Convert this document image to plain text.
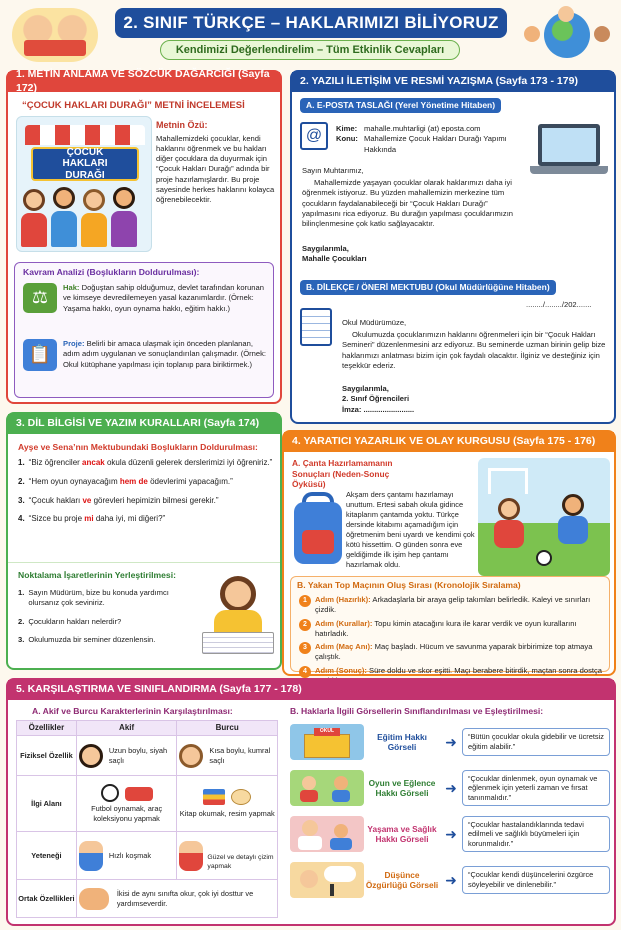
2. SINIF TÜRKÇE – HAKLARIMIZI BİLİYORUZ
Kendimizi Değerlendirelim – Tüm Etkinlik Cevapları
1. METİN ANLAMA VE SÖZCÜK DAĞARCIĞI (Sayfa 172)
“ÇOCUK HAKLARI DURAĞI” METNİ İNCELEMESİ
ÇOCUK HAKLARI DURAĞI
Metnin Özü:
Mahallemizdeki çocuklar, kendi haklarını öğrenmek ve bu hakları diğer çocuklara da duyurmak için “Çocuk Hakları Durağı” adında bir proje hazırlamışlardır. Bu proje sayesinde herkes haklarını kolayca öğrenebilecektir.
Kavram Analizi (Boşlukların Doldurulması):
⚖	Hak: Doğuştan sahip olduğumuz, devlet tarafından korunan ve kimseye devredilemeyen yasal kazanımlardır. (Örnek: Yaşama hakkı, oyun oynama hakkı, eğitim hakkı.)
📋
Proje: Belirli bir amaca ulaşmak için önceden planlanan, adım adım uygulanan ve sonuçlandırılan çalışmadır. (Örnek: Okul kütüphane yapılması için toplanıp para biriktirmek.)
2. YAZILI İLETİŞİM VE RESMİ YAZIŞMA (Sayfa 173 - 179)
A. E-POSTA TASLAĞI (Yerel Yönetime Hitaben)
@	Kime: mahalle.muhtarligi (at) eposta.com
Konu: Mahallemize Çocuk Hakları Durağı Yapımı Hakkında
Sayın Muhtarımız,
Mahallemizde yaşayan çocuklar olarak haklarımızı daha iyi öğrenmek istiyoruz. Bu yüzden mahallemizin merkezine tüm çocukların faydalanabileceği bir “Çocuk Hakları Durağı” yapılmasını rica ediyoruz. Bu durağın yapılması çocuklarımızın bilinçlenmesine çok katkı sağlayacaktır.
Saygılarımla,
Mahalle Çocukları
B. DİLEKÇE / ÖNERİ MEKTUBU (Okul Müdürlüğüne Hitaben)
......../......../202.......
Okul Müdürümüze,
Okulumuzda çocuklarımızın haklarını öğrenmeleri için bir “Çocuk Hakları Semineri” düzenlenmesini arz ediyoruz. Bu seminerde uzman birinin gelip bize haklarımızı anlatması bizim için çok faydalı olacaktır. İlginiz ve desteğiniz için teşekkür ederiz.
Saygılarımla,
2. Sınıf Öğrencileri
İmza: ........................
3. DİL BİLGİSİ VE YAZIM KURALLARI (Sayfa 174)
Ayşe ve Sena’nın Mektubundaki Boşlukların Doldurulması:
1. “Biz öğrenciler ancak okula düzenli gelerek derslerimizi iyi öğreniriz.”
2. “Hem oyun oynayacağım hem de ödevlerimi yapacağım.”
3. “Çocuk hakları ve görevleri hepimizin bilmesi gerekir.”
4. “Sizce bu proje mi daha iyi, mi diğeri?”
Noktalama İşaretlerinin Yerleştirilmesi:
1. Sayın Müdürüm, bize bu konuda yardımcı olursanız çok seviniriz.
2. Çocukların hakları nelerdir?
3. Okulumuzda bir seminer düzenlensin.
4. YARATICI YAZARLIK VE OLAY KURGUSU (Sayfa 175 - 176)
A. Çanta Hazırlamamanın Sonuçları (Neden-Sonuç Öyküsü)
Akşam ders çantamı hazırlamayı unuttum. Ertesi sabah okula gidince kitaplarım çantamda yoktu. Türkçe dersinde kitabımı açamadığım için öğretmenim beni uyardı ve kendimi çok kötü hissettim. O günden sonra eve geldiğimde ilk işim hep çantamı hazırlamak oldu.
B. Yakan Top Maçının Oluş Sırası (Kronolojik Sıralama)
1	Adım (Hazırlık): Arkadaşlarla bir araya gelip takımları belirledik. Kaleyi ve sınırları çizdik.
2	Adım (Kurallar): Topu kimin atacağını kura ile karar verdik ve oyun kurallarını hatırladık.
3	Adım (Maç Anı): Maç başladı. Hücum ve savunma yaparak birbirimize top atmaya çalıştık.
4	Adım (Sonuç): Süre doldu ve skor eşitti. Maçı berabere bitirdik, maçtan sonra dostça
5. KARŞILAŞTIRMA VE SINIFLANDIRMA (Sayfa 177 - 178)
A. Akif ve Burcu Karakterlerinin Karşılaştırılması:
Özellikler	Akif	Burcu
Fiziksel Özellik	Uzun boylu, siyah saçlı	Kısa boylu, kumral saçlı

İlgi Alanı	Futbol oynamak, araç koleksiyonu yapmak	Kitap okumak, resim yapmak

Yeteneği	Hızlı koşmak	Güzel ve detaylı çizim yapmak

Ortak Özellikleri	İkisi de aynı sınıfta okur, çok iyi dosttur ve yardımseverdir.	
B. Haklarla İlgili Görsellerin Sınıflandırılması ve Eşleştirilmesi:
OKUL
Eğitim Hakkı Görseli	➜	“Bütün çocuklar okula gidebilir ve ücretsiz eğitim alabilir.”
Oyun ve Eğlence Hakkı Görseli	➜
“Çocuklar dinlenmek, oyun oynamak ve eğlenmek için yeterli zaman ve fırsat tanınmalıdır.”
Yaşama ve Sağlık Hakkı Görseli	➜
“Çocuklar hastalandıklarında tedavi edilmeli ve sağlıklı büyümeleri için korunmalıdır.”
Düşünce Özgürlüğü Görseli ➜	“Çocuklar kendi düşüncelerini özgürce söyleyebilir ve dinlenebilir.”
